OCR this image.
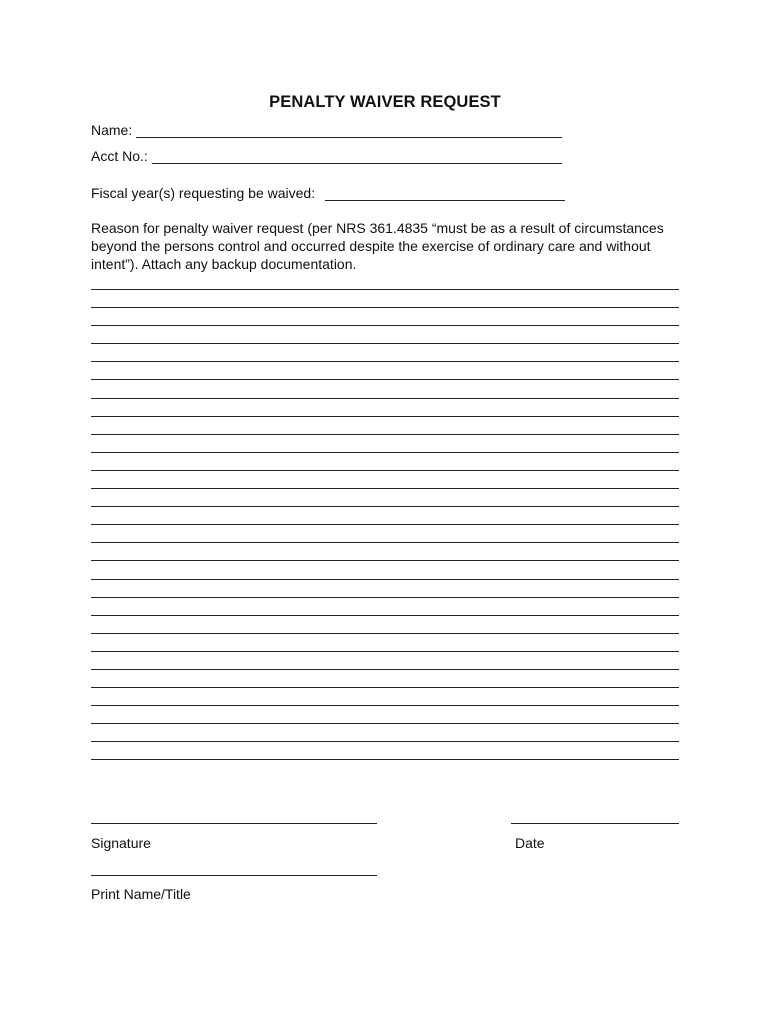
PENALTY WAIVER REQUEST
Name:
Acct No.:
Fiscal year(s) requesting be waived:
Reason for penalty waiver request (per NRS 361.4835 “must be as a result of circumstances beyond the persons control and occurred despite the exercise of ordinary care and without intent”). Attach any backup documentation.
Signature	Date
Print Name/Title
